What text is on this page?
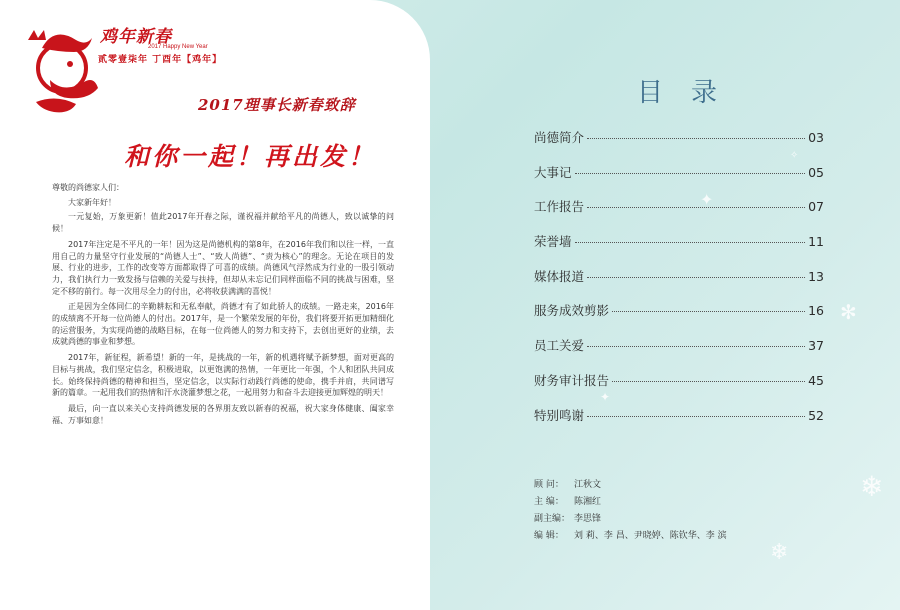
鸡年新春
2017 Happy New Year
贰零壹柒年 丁酉年【鸡年】
2017理事长新春致辞
和你一起！再出发！

尊敬的尚德家人们：

大家新年好！

一元复始，万象更新！值此2017年开春之际，谨祝福并献给平凡的尚德人，致以诚挚的问候！

2017年注定是不平凡的一年！因为这是尚德机构的第8年，在2016年我们和以往一样，一直用自己的力量坚守行业发展的“尚德人士”、“致人尚德”、“责为核心”的理念。无论在项目的发展、行业的进步，工作的改变等方面都取得了可喜的成绩。尚德风气浮然成为行业的一股引领动力，我们执行力一致发扬与信赖的关爱与扶持，但却从未忘记们同样面临不同的挑战与困难，坚定不移的前行。每一次用尽全力的付出，必将收获满满的喜悦！

正是因为全体同仁的辛勤耕耘和无私奉献，尚德才有了如此骄人的成绩。一路走来，2016年的成绩离不开每一位尚德人的付出。2017年，是一个繁荣发展的年份，我们将要开拓更加精细化的运营服务，为实现尚德的战略目标，在每一位尚德人的努力和支持下，去创出更好的业绩，去成就尚德的事业和梦想。

2017年，新征程，新希望！新的一年，是挑战的一年，新的机遇将赋予新梦想，面对更高的目标与挑战，我们坚定信念，积极进取，以更饱满的热情，一年更比一年强，个人和团队共同成长。始终保持尚德的精神和担当，坚定信念，以实际行动践行尚德的使命，携手并肩，共同谱写新的篇章。一起用我们的热情和汗水浇灌梦想之花，一起用努力和奋斗去迎接更加辉煌的明天！

最后，向一直以来关心支持尚德发展的各界朋友致以新春的祝福，祝大家身体健康、阖家幸福、万事如意！

✦
✧
✻
❄
❄
✦
目录
尚德简介	03
大事记	05
工作报告	07
荣誉墙	11
媒体报道	13
服务成效剪影	16
员工关爱	37
财务审计报告	45
特别鸣谢	52
顾 问：	江秋文
主 编：	陈湘红
副主编： 李思锋
编 辑：	刘 莉、李 昌、尹晓婷、陈钦华、李 滨
